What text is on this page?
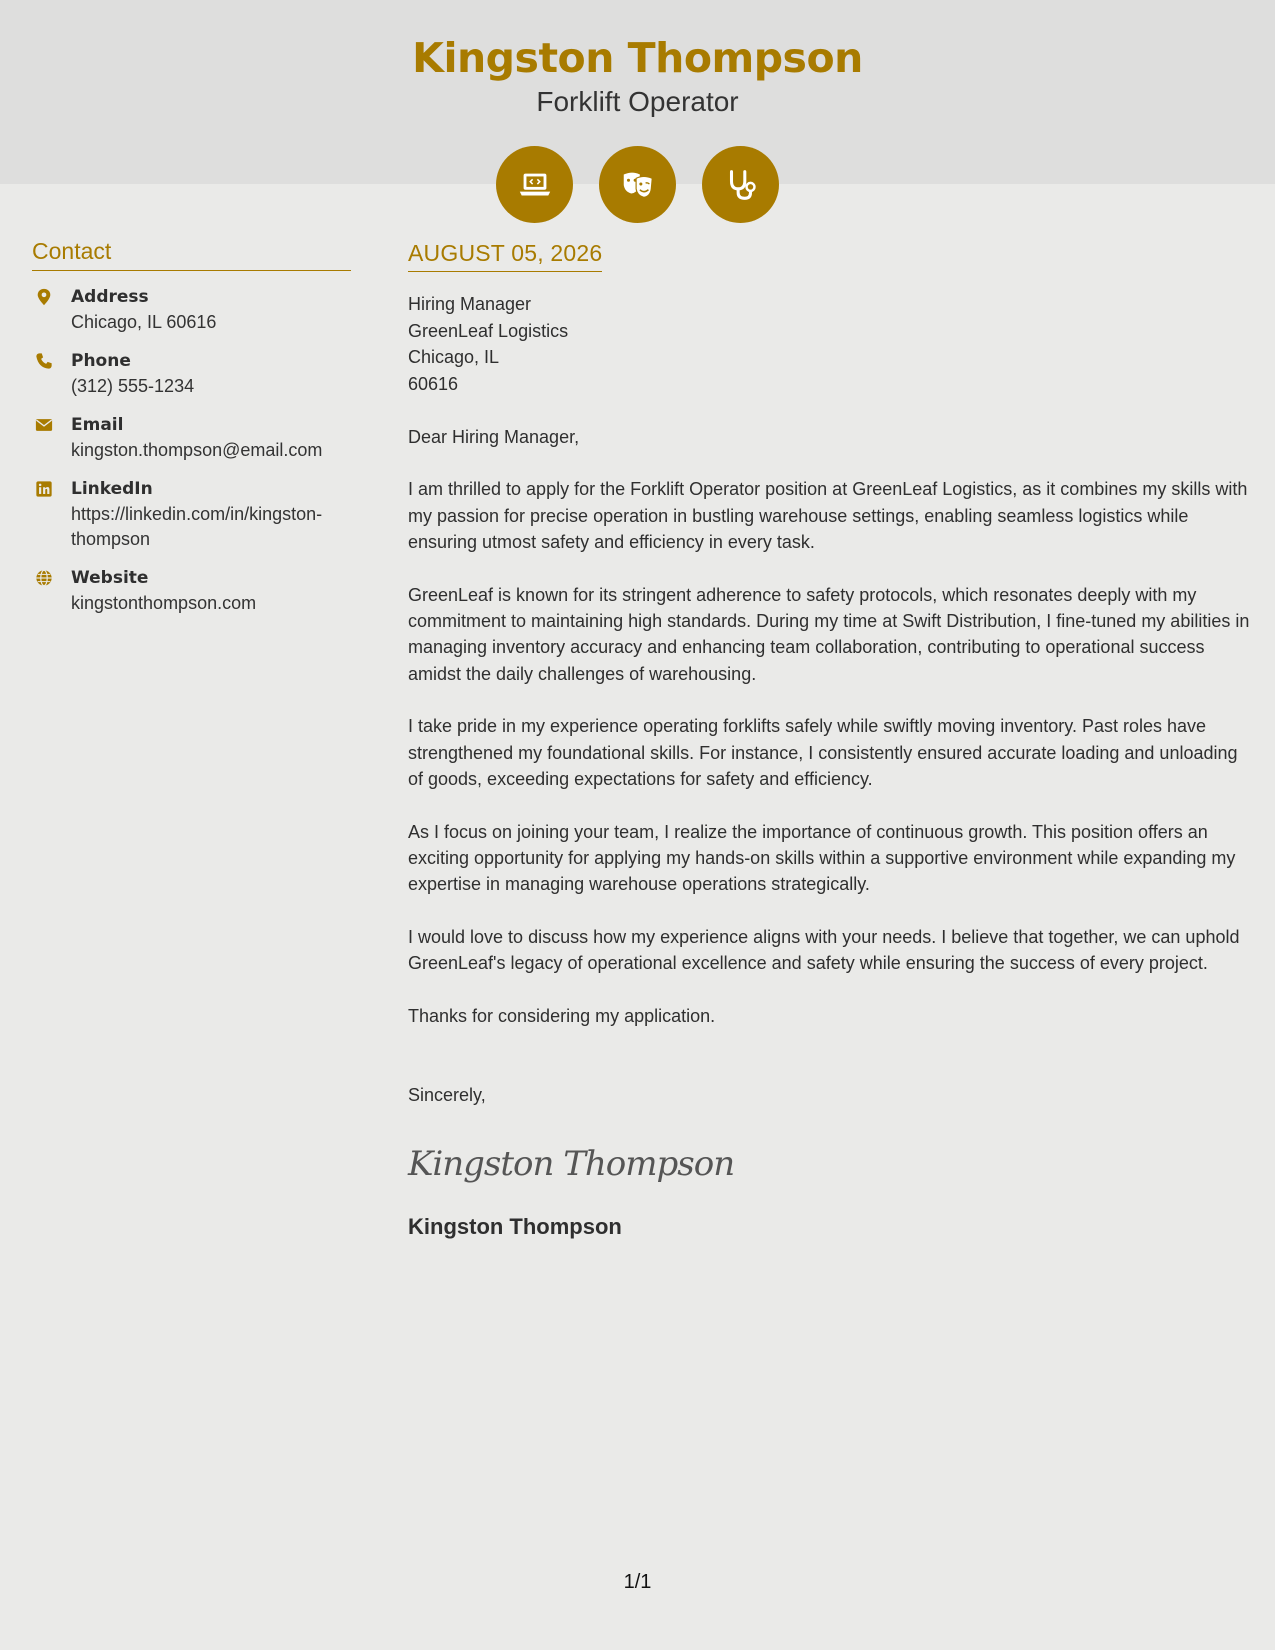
Kingston Thompson
Forklift Operator
Contact
Address
Chicago, IL 60616
Phone
(312) 555-1234
Email
kingston.thompson@email.com
LinkedIn
https://linkedin.com/in/kingston-thompson
Website
kingstonthompson.com
AUGUST 05, 2026
Hiring Manager
GreenLeaf Logistics
Chicago, IL
60616
Dear Hiring Manager,
I am thrilled to apply for the Forklift Operator position at GreenLeaf Logistics, as it combines my skills with my passion for precise operation in bustling warehouse settings, enabling seamless logistics while ensuring utmost safety and efficiency in every task.
GreenLeaf is known for its stringent adherence to safety protocols, which resonates deeply with my commitment to maintaining high standards. During my time at Swift Distribution, I fine-tuned my abilities in managing inventory accuracy and enhancing team collaboration, contributing to operational success amidst the daily challenges of warehousing.
I take pride in my experience operating forklifts safely while swiftly moving inventory. Past roles have strengthened my foundational skills. For instance, I consistently ensured accurate loading and unloading of goods, exceeding expectations for safety and efficiency.
As I focus on joining your team, I realize the importance of continuous growth. This position offers an exciting opportunity for applying my hands-on skills within a supportive environment while expanding my expertise in managing warehouse operations strategically.
I would love to discuss how my experience aligns with your needs. I believe that together, we can uphold GreenLeaf's legacy of operational excellence and safety while ensuring the success of every project.
Thanks for considering my application.
Sincerely,
Kingston Thompson
Kingston Thompson
1/1
